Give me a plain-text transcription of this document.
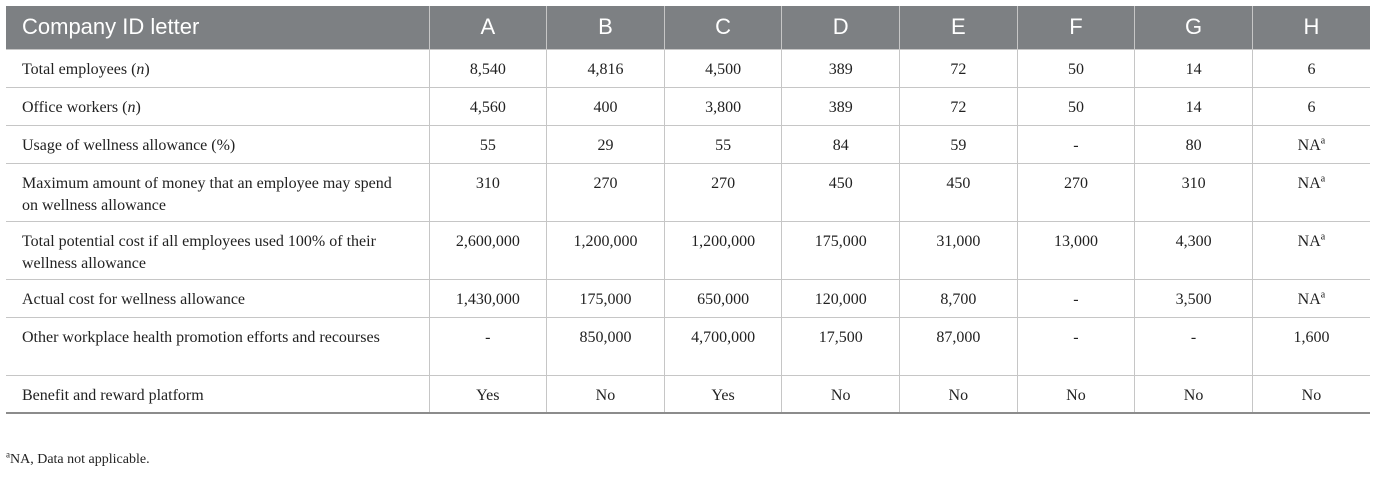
Company ID letter	A	B	C	D	E	F	G	H
Total employees (n)	8,540	4,816	4,500	389	72	50	14	6
Office workers (n)	4,560	400	3,800	389	72	50	14	6
Usage of wellness allowance (%)	55	29	55	84	59	-	80	$NA^a$
Maximum amount of money that an employee may spend on wellness allowance	310	270	270	450	450	270	310	$NA^a$
Total potential cost if all employees used 100% of their wellness allowance	2,600,000	1,200,000	1,200,000	175,000	31,000	13,000	4,300	$NA^a$
Actual cost for wellness allowance	1,430,000	175,000	650,000	120,000	8,700	-	3,500	$NA^a$
Other workplace health promotion efforts and recourses	-	850,000	4,700,000	17,500	87,000	-	-	1,600
Benefit and reward platform	Yes	No	Yes	No	No	No	No	No
$^a$NA, Data not applicable.
